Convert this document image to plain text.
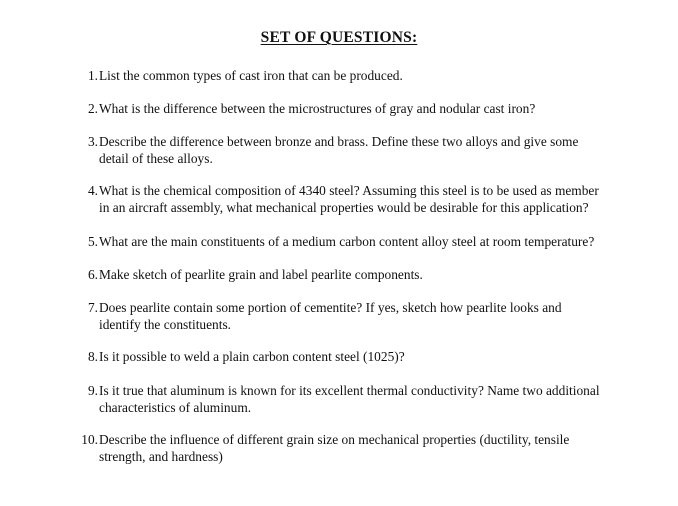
SET OF QUESTIONS:
1. List the common types of cast iron that can be produced.
2. What is the difference between the microstructures of gray and nodular cast iron?
3. Describe the difference between bronze and brass. Define these two alloys and give some
detail of these alloys.
4. What is the chemical composition of 4340 steel? Assuming this steel is to be used as member
in an aircraft assembly, what mechanical properties would be desirable for this application?
5. What are the main constituents of a medium carbon content alloy steel at room temperature?
6. Make sketch of pearlite grain and label pearlite components.
7. Does pearlite contain some portion of cementite? If yes, sketch how pearlite looks and
identify the constituents.
8. Is it possible to weld a plain carbon content steel (1025)?
9. Is it true that aluminum is known for its excellent thermal conductivity? Name two additional
characteristics of aluminum.
10. Describe the influence of different grain size on mechanical properties (ductility, tensile
strength, and hardness)
